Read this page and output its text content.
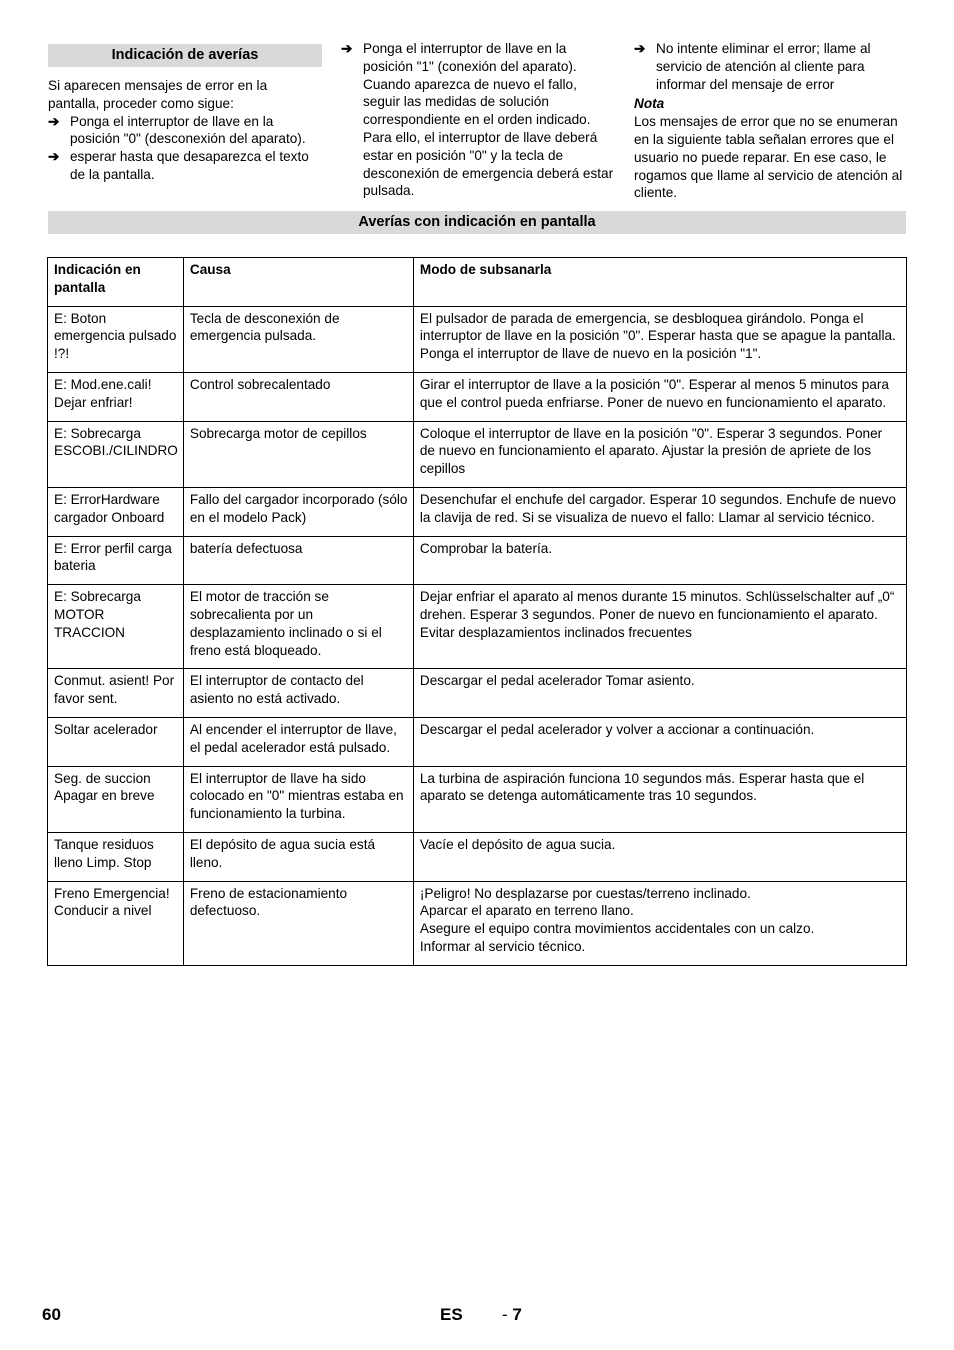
Indicación de averías

Si aparecen mensajes de error en la pantalla, proceder como sigue:

➔ Ponga el interruptor de llave en la posición "0" (desconexión del aparato).
➔ esperar hasta que desaparezca el texto de la pantalla.
➔ Ponga el interruptor de llave en la posición "1" (conexión del aparato). Cuando aparezca de nuevo el fallo, seguir las medidas de solución correspondiente en el orden indicado. Para ello, el interruptor de llave deberá estar en posición "0" y la tecla de desconexión de emergencia deberá estar pulsada.
➔ No intente eliminar el error; llame al servicio de atención al cliente para informar del mensaje de error

Nota

Los mensajes de error que no se enumeran en la siguiente tabla señalan errores que el usuario no puede reparar. En ese caso, le rogamos que llame al servicio de atención al cliente.

Averías con indicación en pantalla
Indicación en pantalla	Causa	Modo de subsanarla
E: Boton emergencia pulsado !?!	Tecla de desconexión de emergencia pulsada.	El pulsador de parada de emergencia, se desbloquea girándolo. Ponga el interruptor de llave en la posición "0". Esperar hasta que se apague la pantalla. Ponga el interruptor de llave de nuevo en la posición "1".
E: Mod.ene.cali! Dejar enfriar!	Control sobrecalentado	Girar el interruptor de llave a la posición "0". Esperar al menos 5 minutos para que el control pueda enfriarse. Poner de nuevo en funcionamiento el aparato.
E: Sobrecarga ESCOBI./CILINDRO	Sobrecarga motor de cepillos	Coloque el interruptor de llave en la posición "0". Esperar 3 segundos. Poner de nuevo en funcionamiento el aparato. Ajustar la presión de apriete de los cepillos
E: ErrorHardware cargador Onboard	Fallo del cargador incorporado (sólo en el modelo Pack)	Desenchufar el enchufe del cargador. Esperar 10 segundos. Enchufe de nuevo la clavija de red. Si se visualiza de nuevo el fallo: Llamar al servicio técnico.
E: Error perfil carga bateria	batería defectuosa	Comprobar la batería.
E: Sobrecarga MOTOR TRACCION	El motor de tracción se sobrecalienta por un desplazamiento inclinado o si el freno está bloqueado.	Dejar enfriar el aparato al menos durante 15 minutos. Schlüsselschalter auf „0“ drehen. Esperar 3 segundos. Poner de nuevo en funcionamiento el aparato. Evitar desplazamientos inclinados frecuentes
Conmut. asient! Por favor sent.	El interruptor de contacto del asiento no está activado.	Descargar el pedal acelerador Tomar asiento.
Soltar acelerador	Al encender el interruptor de llave, el pedal acelerador está pulsado.	Descargar el pedal acelerador y volver a accionar a continuación.
Seg. de succion Apagar en breve	El interruptor de llave ha sido colocado en "0" mientras estaba en funcionamiento la turbina.	La turbina de aspiración funciona 10 segundos más. Esperar hasta que el aparato se detenga automáticamente tras 10 segundos.
Tanque residuos lleno Limp. Stop	El depósito de agua sucia está lleno.	Vacíe el depósito de agua sucia.
Freno Emergencia! Conducir a nivel	Freno de estacionamiento defectuoso.	¡Peligro! No desplazarse por cuestas/terreno inclinado.
Aparcar el aparato en terreno llano.
Asegure el equipo contra movimientos accidentales con un calzo.
Informar al servicio técnico.
60	ES - 7
